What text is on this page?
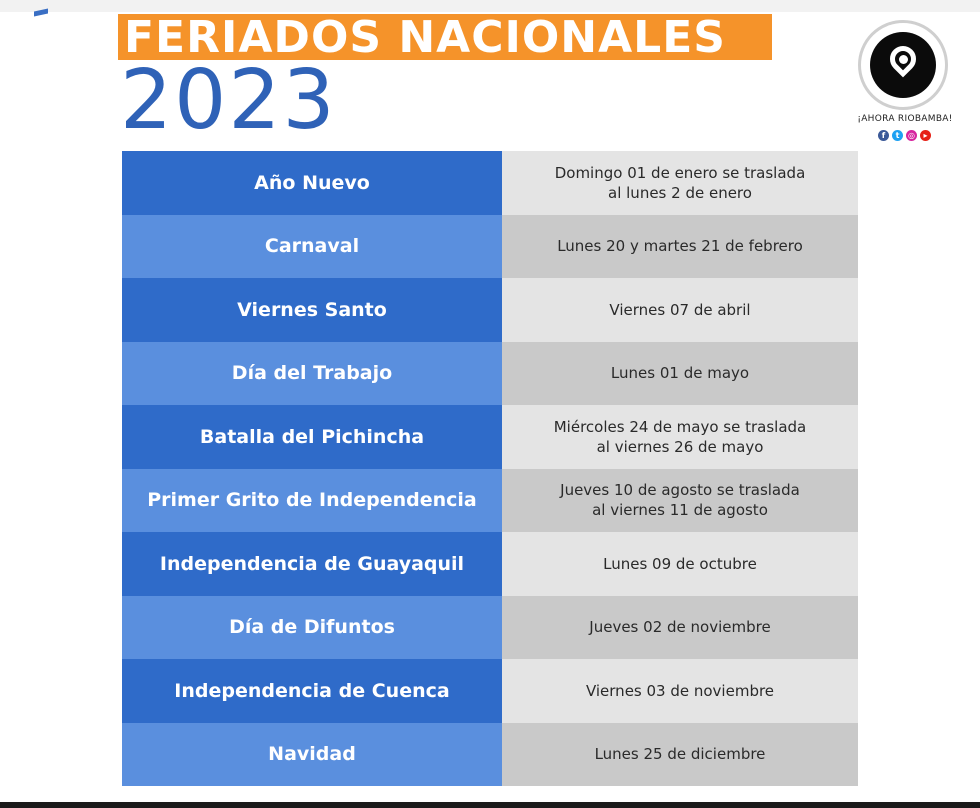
FERIADOS NACIONALES
2023	¡AHORA RIOBAMBA!
f	t	◎	▸
Año Nuevo	Domingo 01 de enero se traslada
al lunes 2 de enero
Carnaval	Lunes 20 y martes 21 de febrero
Viernes Santo	Viernes 07 de abril
Día del Trabajo	Lunes 01 de mayo
Batalla del Pichincha	Miércoles 24 de mayo se traslada
al viernes 26 de mayo
Primer Grito de Independencia	Jueves 10 de agosto se traslada
al viernes 11 de agosto
Independencia de Guayaquil	Lunes 09 de octubre
Día de Difuntos	Jueves 02 de noviembre
Independencia de Cuenca	Viernes 03 de noviembre
Navidad	Lunes 25 de diciembre
